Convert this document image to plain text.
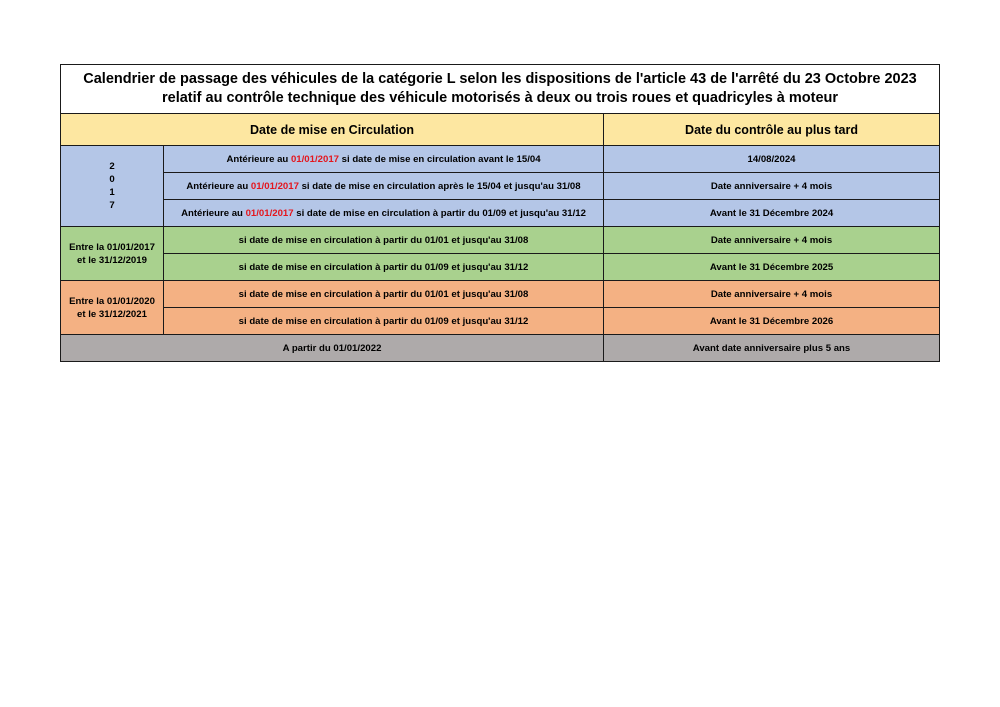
Calendrier de passage des véhicules de la catégorie L selon les dispositions de l'article 43 de l'arrêté du 23 Octobre 2023
relatif au contrôle technique des véhicule motorisés à deux ou trois roues et quadricyles à moteur		

Date de mise en Circulation		Date du contrôle au plus tard

2
0
1
7	Antérieure au 01/01/2017 si date de mise en circulation avant le 15/04	14/08/2024
	Antérieure au 01/01/2017 si date de mise en circulation après le 15/04 et jusqu'au 31/08	Date anniversaire + 4 mois
	Antérieure au 01/01/2017 si date de mise en circulation à partir du 01/09 et jusqu'au 31/12	Avant le 31 Décembre 2024

Entre la 01/01/2017
et le 31/12/2019	si date de mise en circulation à partir du 01/01 et jusqu'au 31/08	Date anniversaire + 4 mois
	si date de mise en circulation à partir du 01/09 et jusqu'au 31/12	Avant le 31 Décembre 2025

Entre la 01/01/2020
et le 31/12/2021	si date de mise en circulation à partir du 01/01 et jusqu'au 31/08	Date anniversaire + 4 mois
	si date de mise en circulation à partir du 01/09 et jusqu'au 31/12	Avant le 31 Décembre 2026
A partir du 01/01/2022		Avant date anniversaire plus 5 ans
